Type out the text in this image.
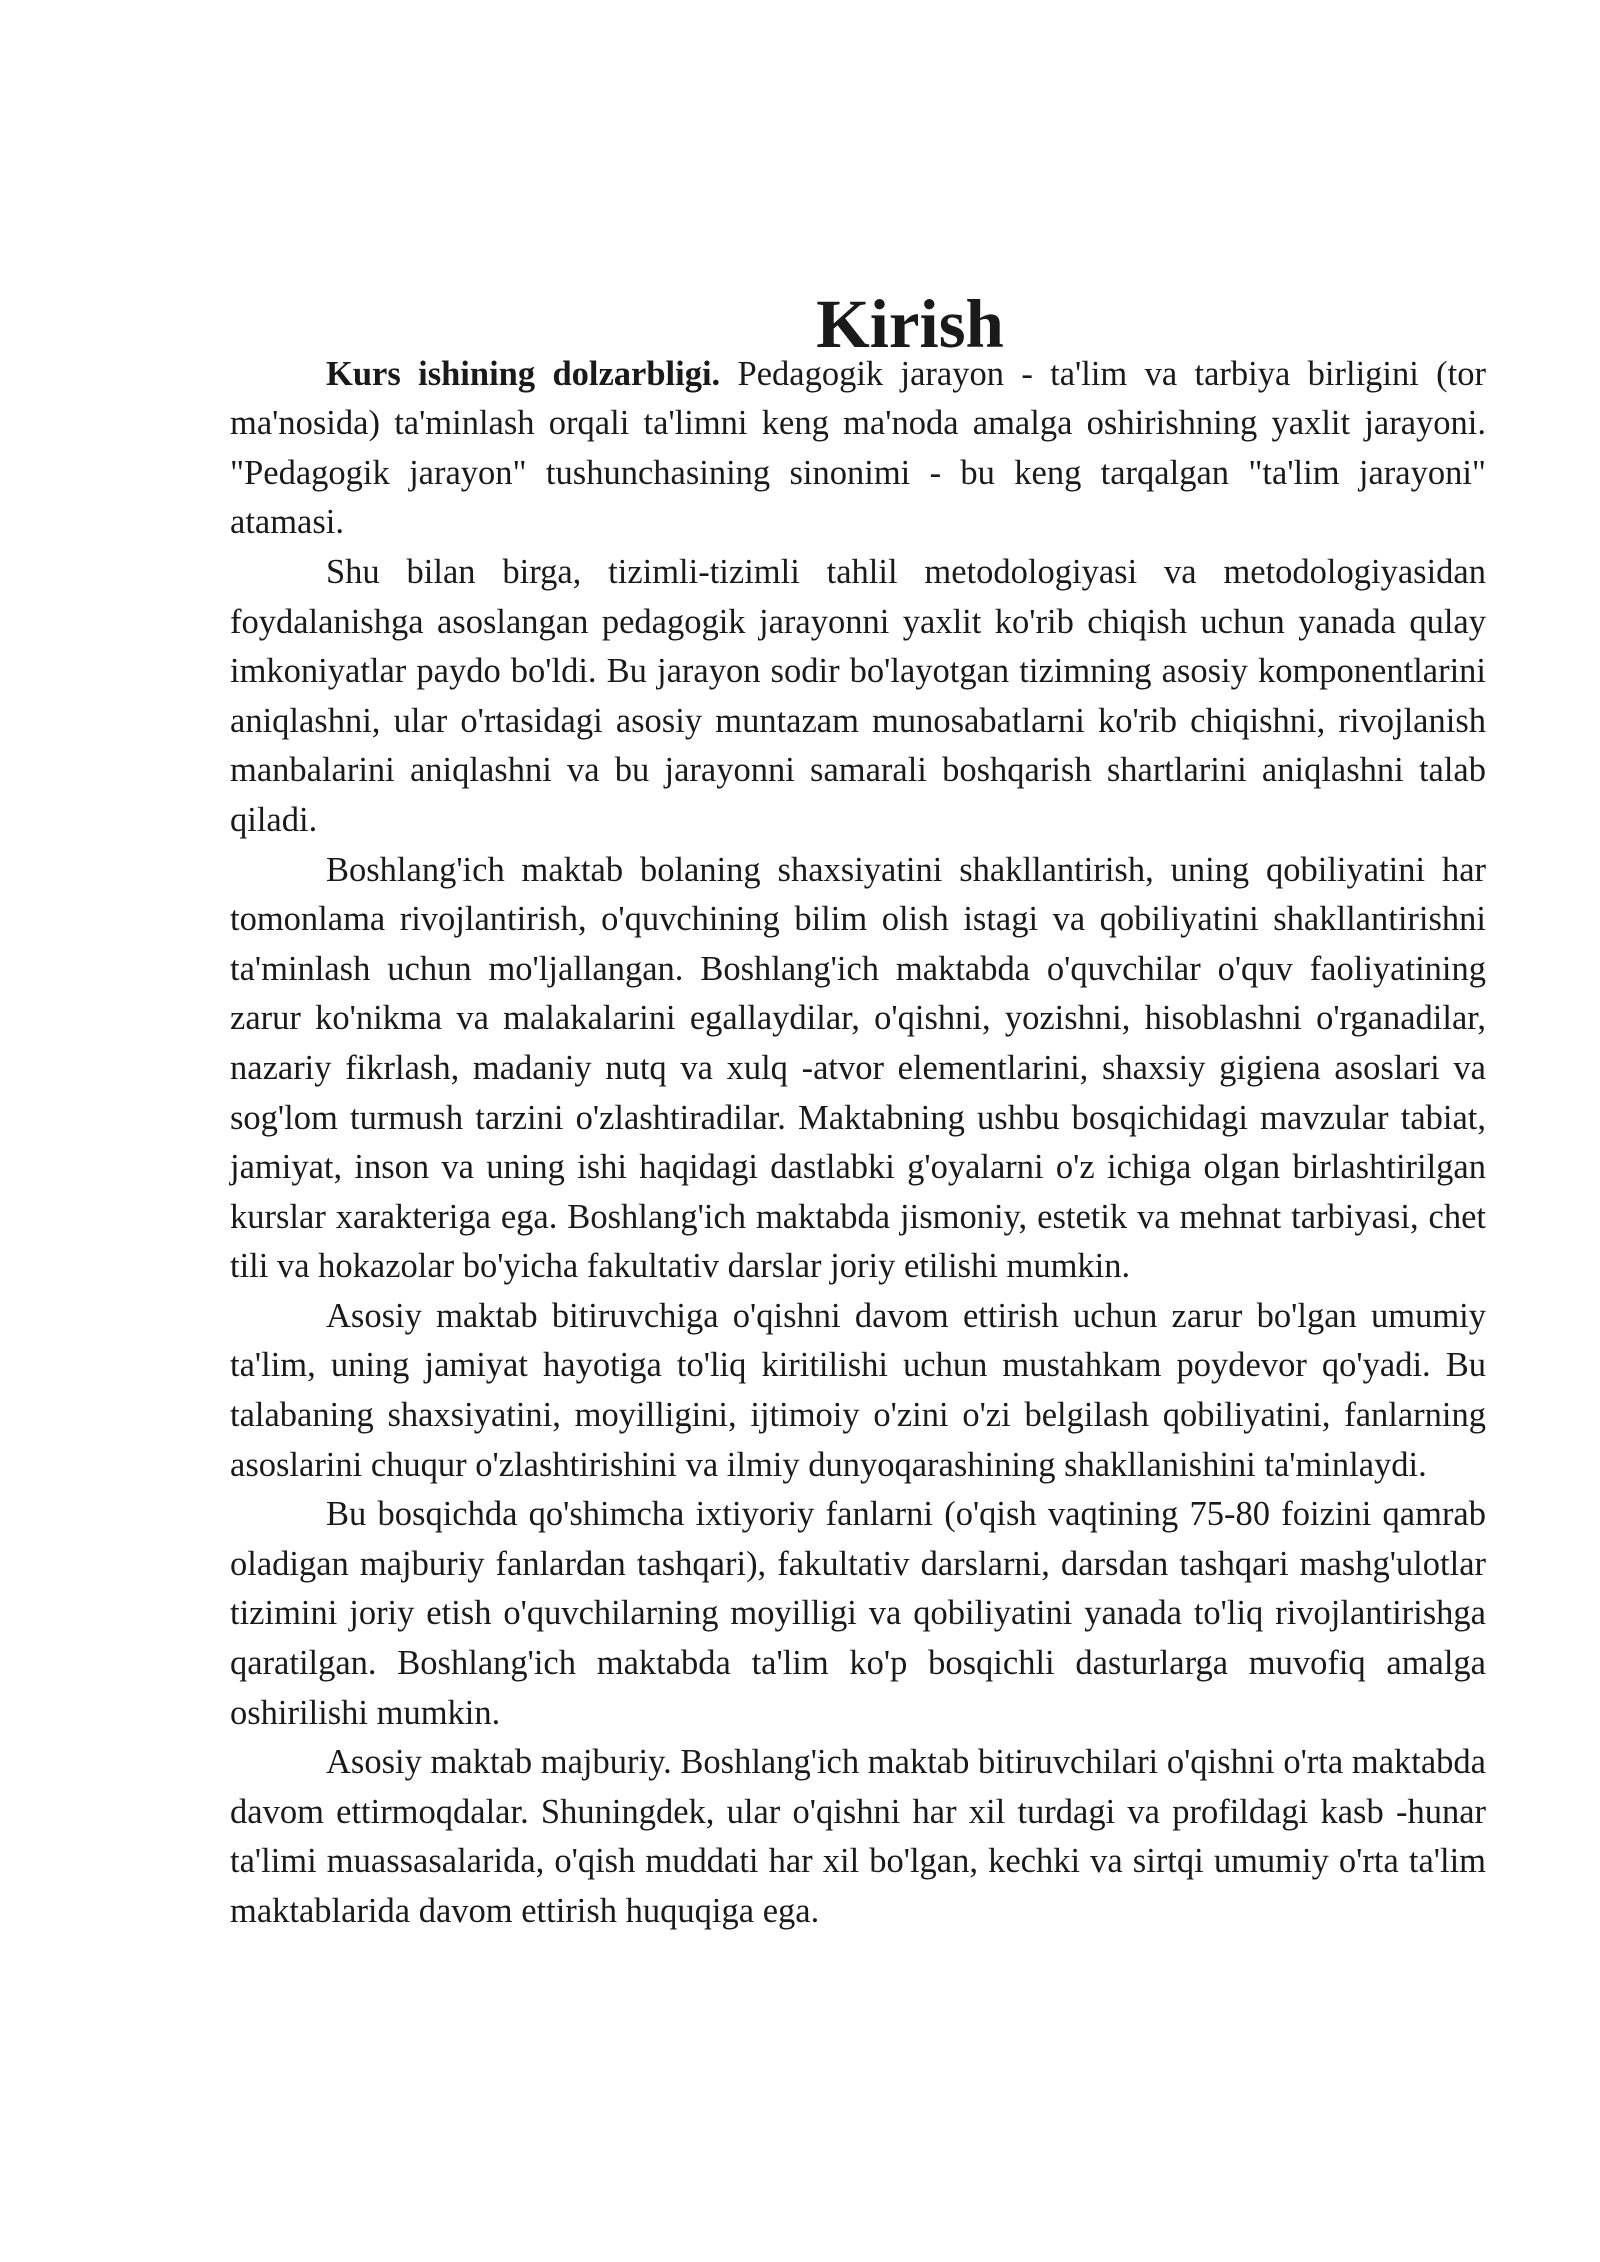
Kirish

Kurs ishining dolzarbligi. Pedagogik jarayon - ta'lim va tarbiya birligini (tor ma'nosida) ta'minlash orqali ta'limni keng ma'noda amalga oshirishning yaxlit jarayoni. "Pedagogik jarayon" tushunchasining sinonimi - bu keng tarqalgan "ta'lim jarayoni" atamasi.

Shu bilan birga, tizimli-tizimli tahlil metodologiyasi va metodologiyasidan foydalanishga asoslangan pedagogik jarayonni yaxlit ko'rib chiqish uchun yanada qulay imkoniyatlar paydo bo'ldi. Bu jarayon sodir bo'layotgan tizimning asosiy komponentlarini aniqlashni, ular o'rtasidagi asosiy muntazam munosabatlarni ko'rib chiqishni, rivojlanish manbalarini aniqlashni va bu jarayonni samarali boshqarish shartlarini aniqlashni talab qiladi.

Boshlang'ich maktab bolaning shaxsiyatini shakllantirish, uning qobiliyatini har tomonlama rivojlantirish, o'quvchining bilim olish istagi va qobiliyatini shakllantirishni ta'minlash uchun mo'ljallangan. Boshlang'ich maktabda o'quvchilar o'quv faoliyatining zarur ko'nikma va malakalarini egallaydilar, o'qishni, yozishni, hisoblashni o'rganadilar, nazariy fikrlash, madaniy nutq va xulq -atvor elementlarini, shaxsiy gigiena asoslari va sog'lom turmush tarzini o'zlashtiradilar. Maktabning ushbu bosqichidagi mavzular tabiat, jamiyat, inson va uning ishi haqidagi dastlabki g'oyalarni o'z ichiga olgan birlashtirilgan kurslar xarakteriga ega. Boshlang'ich maktabda jismoniy, estetik va mehnat tarbiyasi, chet tili va hokazolar bo'yicha fakultativ darslar joriy etilishi mumkin.

Asosiy maktab bitiruvchiga o'qishni davom ettirish uchun zarur bo'lgan umumiy ta'lim, uning jamiyat hayotiga to'liq kiritilishi uchun mustahkam poydevor qo'yadi. Bu talabaning shaxsiyatini, moyilligini, ijtimoiy o'zini o'zi belgilash qobiliyatini, fanlarning asoslarini chuqur o'zlashtirishini va ilmiy dunyoqarashining shakllanishini ta'minlaydi.

Bu bosqichda qo'shimcha ixtiyoriy fanlarni (o'qish vaqtining 75-80 foizini qamrab oladigan majburiy fanlardan tashqari), fakultativ darslarni, darsdan tashqari mashg'ulotlar tizimini joriy etish o'quvchilarning moyilligi va qobiliyatini yanada to'liq rivojlantirishga qaratilgan. Boshlang'ich maktabda ta'lim ko'p bosqichli dasturlarga muvofiq amalga oshirilishi mumkin.

Asosiy maktab majburiy. Boshlang'ich maktab bitiruvchilari o'qishni o'rta maktabda davom ettirmoqdalar. Shuningdek, ular o'qishni har xil turdagi va profildagi kasb -hunar ta'limi muassasalarida, o'qish muddati har xil bo'lgan, kechki va sirtqi umumiy o'rta ta'lim maktablarida davom ettirish huquqiga ega.
